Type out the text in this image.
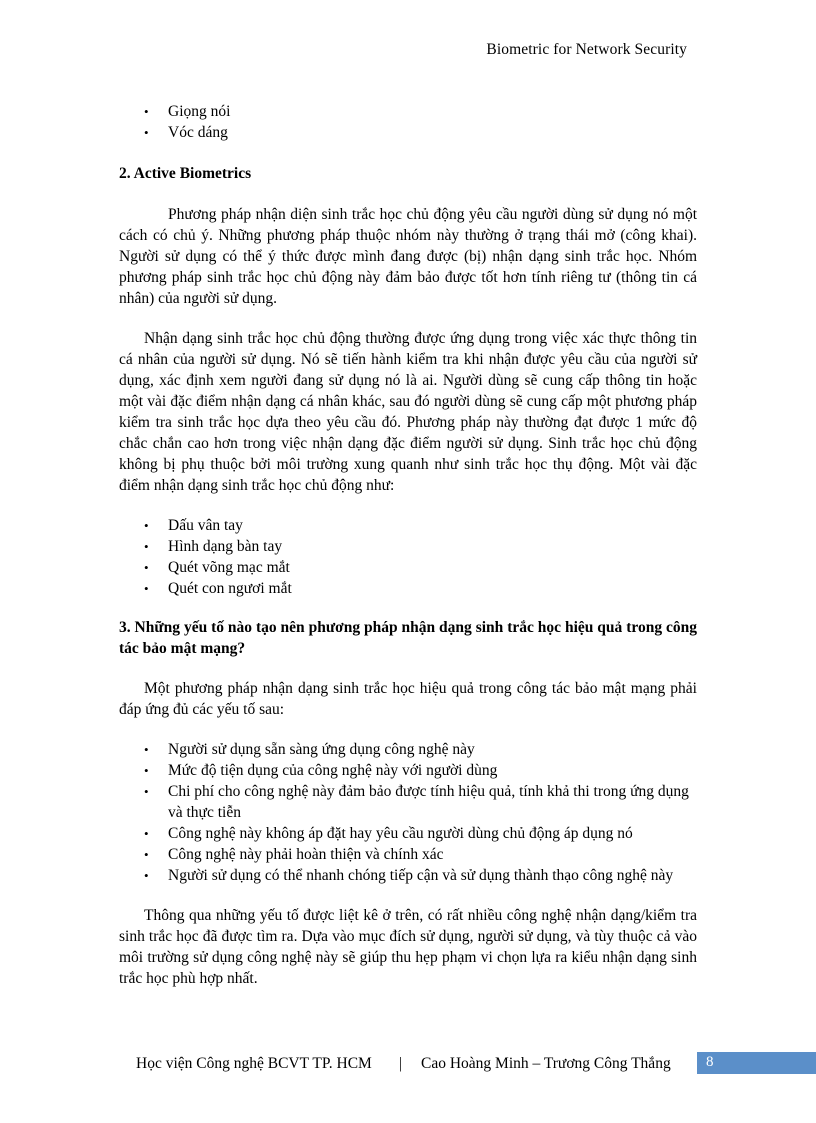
Biometric for Network Security
• Giọng nói
• Vóc dáng

2. Active Biometrics

Phương pháp nhận diện sinh trắc học chủ động yêu cầu người dùng sử dụng nó một cách có chủ ý. Những phương pháp thuộc nhóm này thường ở trạng thái mở (công khai). Người sử dụng có thể ý thức được mình đang được (bị) nhận dạng sinh trắc học. Nhóm phương pháp sinh trắc học chủ động này đảm bảo được tốt hơn tính riêng tư (thông tin cá nhân) của người sử dụng.

Nhận dạng sinh trắc học chủ động thường được ứng dụng trong việc xác thực thông tin cá nhân của người sử dụng. Nó sẽ tiến hành kiểm tra khi nhận được yêu cầu của người sử dụng, xác định xem người đang sử dụng nó là ai. Người dùng sẽ cung cấp thông tin hoặc một vài đặc điểm nhận dạng cá nhân khác, sau đó người dùng sẽ cung cấp một phương pháp kiểm tra sinh trắc học dựa theo yêu cầu đó. Phương pháp này thường đạt được 1 mức độ chắc chắn cao hơn trong việc nhận dạng đặc điểm người sử dụng. Sinh trắc học chủ động không bị phụ thuộc bởi môi trường xung quanh như sinh trắc học thụ động. Một vài đặc điểm nhận dạng sinh trắc học chủ động như:

• Dấu vân tay
• Hình dạng bàn tay
• Quét võng mạc mắt
• Quét con ngươi mắt

3. Những yếu tố nào tạo nên phương pháp nhận dạng sinh trắc học hiệu quả trong công tác bảo mật mạng?

Một phương pháp nhận dạng sinh trắc học hiệu quả trong công tác bảo mật mạng phải đáp ứng đủ các yếu tố sau:

• Người sử dụng sẵn sàng ứng dụng công nghệ này
• Mức độ tiện dụng của công nghệ này với người dùng
• Chi phí cho công nghệ này đảm bảo được tính hiệu quả, tính khả thi trong ứng dụng và thực tiễn
• Công nghệ này không áp đặt hay yêu cầu người dùng chủ động áp dụng nó
• Công nghệ này phải hoàn thiện và chính xác
• Người sử dụng có thể nhanh chóng tiếp cận và sử dụng thành thạo công nghệ này

Thông qua những yếu tố được liệt kê ở trên, có rất nhiều công nghệ nhận dạng/kiểm tra sinh trắc học đã được tìm ra. Dựa vào mục đích sử dụng, người sử dụng, và tùy thuộc cả vào môi trường sử dụng công nghệ này sẽ giúp thu hẹp phạm vi chọn lựa ra kiểu nhận dạng sinh trắc học phù hợp nhất.

Học viện Công nghệ BCVT TP. HCM | Cao Hoàng Minh – Trương Công Thắng 8
